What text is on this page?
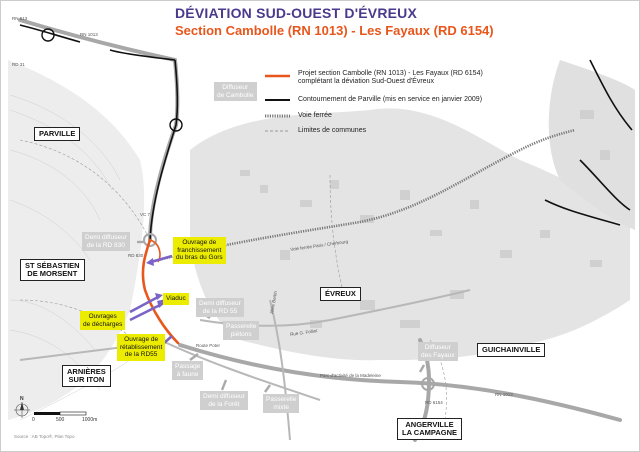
DÉVIATION SUD-OUEST D'ÉVREUX
Section Cambolle (RN 1013) - Les Fayaux (RD 6154)
Projet section Cambolle (RN 1013) - Les Fayaux (RD 6154)
complétant la déviation Sud-Ouest d'Évreux
Contournement de Parville (mis en service en janvier 2009)
Voie ferrée
Limites de communes
PARVILLE
ST SÉBASTIEN
DE MORSENT
ÉVREUX
GUICHAINVILLE
ARNIÈRES
SUR ITON
ANGERVILLE
LA CAMPAGNE
Diffuseur
de Cambolle
Demi diffuseur
de la RD 830
Demi diffuseur
de la RD 55
Passerelle
piétons
Diffuseur
des Fayaux
Passage
à faune
Demi diffuseur
de la Forêt
Passerelle
mixte
Ouvrage de
franchissement
du bras du Gors
Viaduc
Ouvrages
de décharges
Ouvrage de
rétablissement
de la RD55
RN 1013
RN 1013
RD 830
VC 7
RD 6154
RN 613
RD 31
Voie ferrée Paris / Cherbourg
Rue G. Folliot
Route Poter
Parc d'activité de la Madeleine
Allée Bertin
0	500	1000m
N
Source : AB Topo®, Plan Topo
